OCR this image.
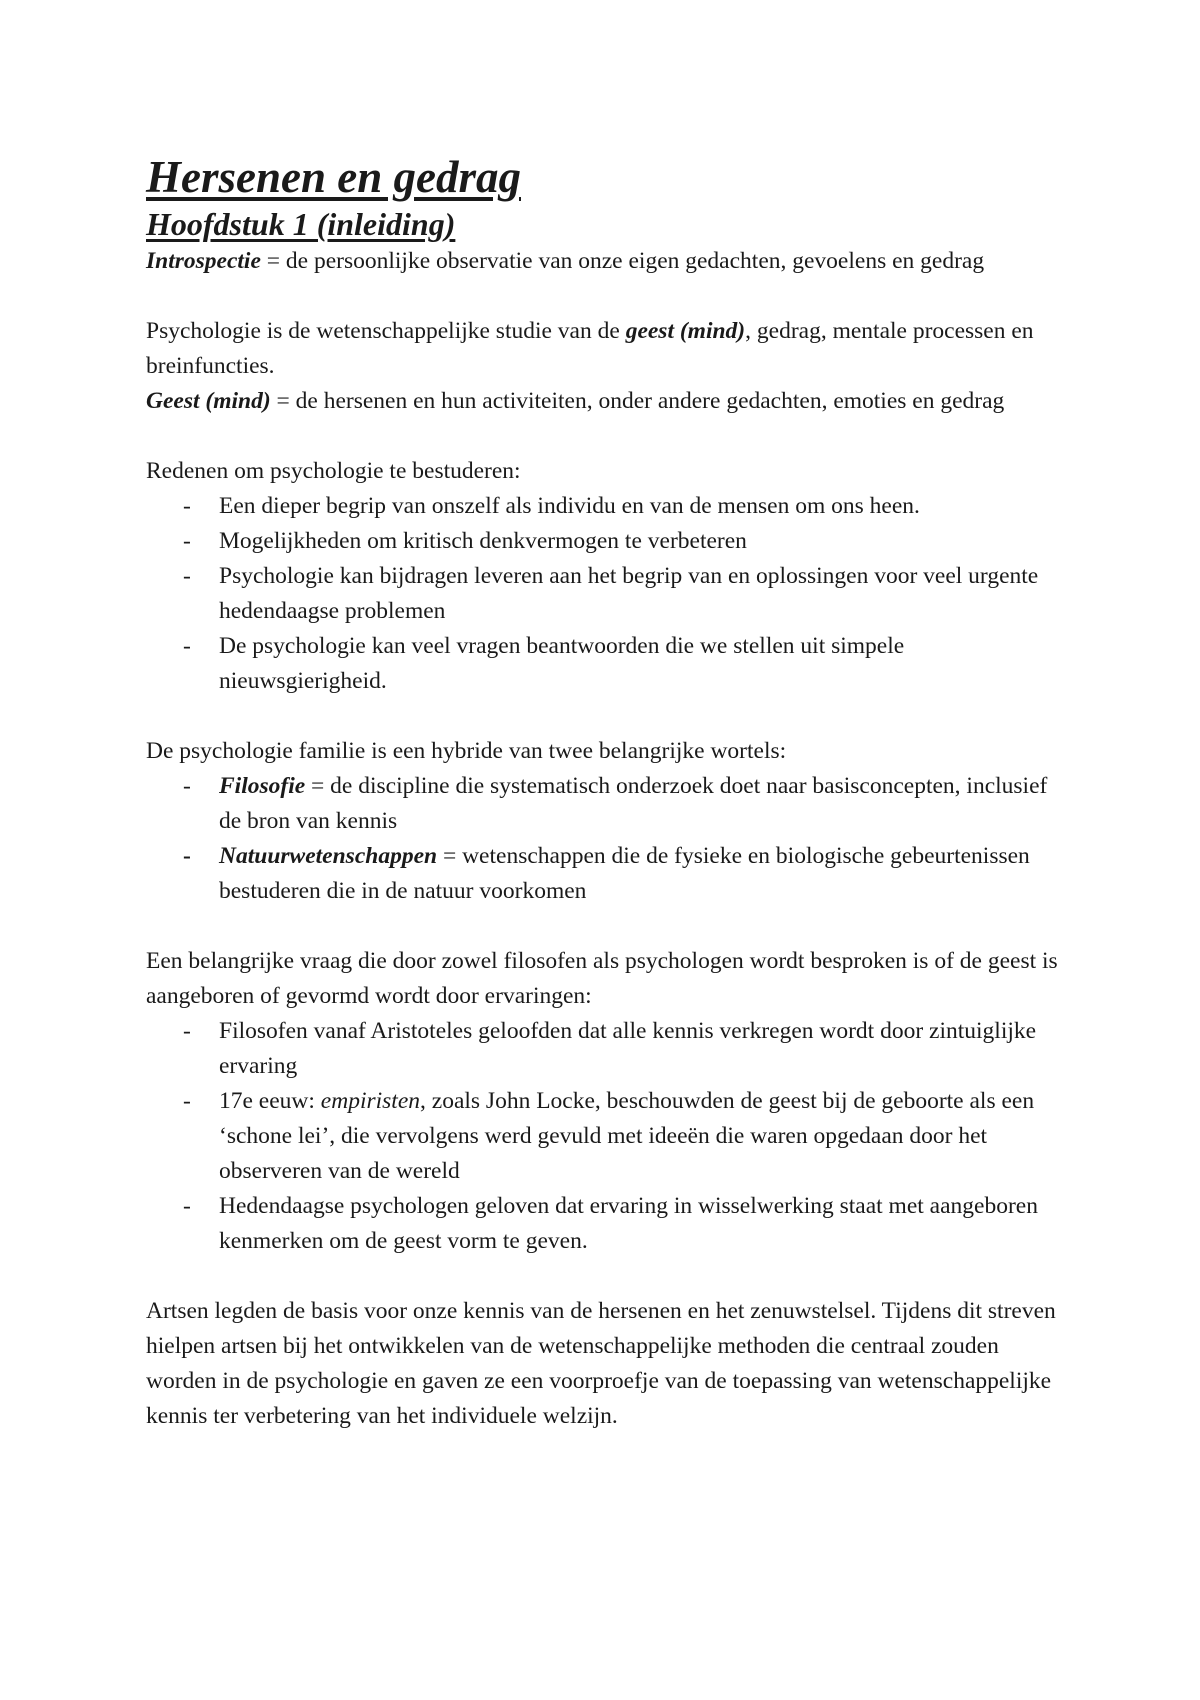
Hersenen en gedrag
Hoofdstuk 1 (inleiding)

Introspectie = de persoonlijke observatie van onze eigen gedachten, gevoelens en gedrag

Psychologie is de wetenschappelijke studie van de geest (mind), gedrag, mentale processen en breinfuncties.

Geest (mind) = de hersenen en hun activiteiten, onder andere gedachten, emoties en gedrag

Redenen om psychologie te bestuderen:

- Een dieper begrip van onszelf als individu en van de mensen om ons heen.
- Mogelijkheden om kritisch denkvermogen te verbeteren
- Psychologie kan bijdragen leveren aan het begrip van en oplossingen voor veel urgente hedendaagse problemen
- De psychologie kan veel vragen beantwoorden die we stellen uit simpele nieuwsgierigheid.

De psychologie familie is een hybride van twee belangrijke wortels:

- Filosofie = de discipline die systematisch onderzoek doet naar basisconcepten, inclusief de bron van kennis
- Natuurwetenschappen = wetenschappen die de fysieke en biologische gebeurtenissen bestuderen die in de natuur voorkomen

Een belangrijke vraag die door zowel filosofen als psychologen wordt besproken is of de geest is aangeboren of gevormd wordt door ervaringen:

- Filosofen vanaf Aristoteles geloofden dat alle kennis verkregen wordt door zintuiglijke ervaring
- 17e eeuw: empiristen, zoals John Locke, beschouwden de geest bij de geboorte als een ‘schone lei’, die vervolgens werd gevuld met ideeën die waren opgedaan door het observeren van de wereld
- Hedendaagse psychologen geloven dat ervaring in wisselwerking staat met aangeboren kenmerken om de geest vorm te geven.

Artsen legden de basis voor onze kennis van de hersenen en het zenuwstelsel. Tijdens dit streven hielpen artsen bij het ontwikkelen van de wetenschappelijke methoden die centraal zouden worden in de psychologie en gaven ze een voorproefje van de toepassing van wetenschappelijke kennis ter verbetering van het individuele welzijn.
